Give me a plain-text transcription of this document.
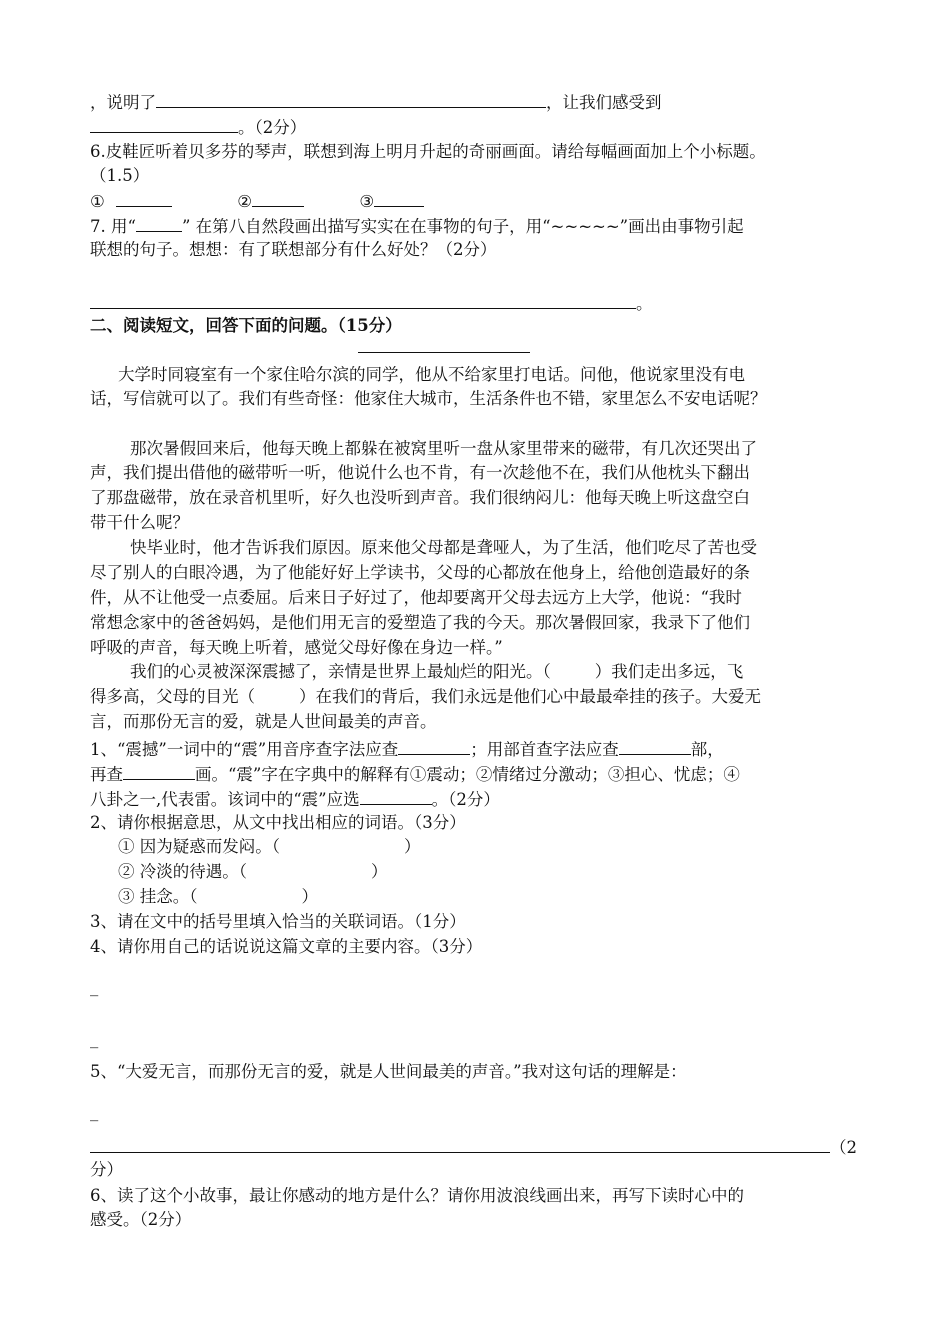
，说明了	，让我们感受到
。（2分）
6.皮鞋匠听着贝多芬的琴声，联想到海上明月升起的奇丽画面。请给每幅画面加上个小标题。
（1.5）
①	②	③
7. 用“	” 在第八自然段画出描写实实在在事物的句子，用“~~~~~”画出由事物引起
联想的句子。想想：有了联想部分有什么好处？（2分）
。
二、阅读短文，回答下面的问题。（15分）
大学时同寝室有一个家住哈尔滨的同学，他从不给家里打电话。问他，他说家里没有电
话，写信就可以了。我们有些奇怪：他家住大城市，生活条件也不错，家里怎么不安电话呢？
那次暑假回来后，他每天晚上都躲在被窝里听一盘从家里带来的磁带，有几次还哭出了
声，我们提出借他的磁带听一听，他说什么也不肯，有一次趁他不在，我们从他枕头下翻出
了那盘磁带，放在录音机里听，好久也没听到声音。我们很纳闷儿：他每天晚上听这盘空白
带干什么呢？
快毕业时，他才告诉我们原因。原来他父母都是聋哑人，为了生活，他们吃尽了苦也受
尽了别人的白眼冷遇，为了他能好好上学读书，父母的心都放在他身上，给他创造最好的条
件，从不让他受一点委屈。后来日子好过了，他却要离开父母去远方上大学，他说：“我时
常想念家中的爸爸妈妈，是他们用无言的爱塑造了我的今天。那次暑假回家，我录下了他们
呼吸的声音，每天晚上听着，感觉父母好像在身边一样。”
我们的心灵被深深震撼了，亲情是世界上最灿烂的阳光。（	）我们走出多远，飞
得多高，父母的目光（	）在我们的背后，我们永远是他们心中最最牵挂的孩子。大爱无
言，而那份无言的爱，就是人世间最美的声音。
1、“震撼”一词中的“震”用音序查字法应查	；用部首查字法应查	部，
再查	画。“震”字在字典中的解释有①震动；②情绪过分激动；③担心、忧虑；④
八卦之一,代表雷。该词中的“震”应选	。（2分）
2、请你根据意思，从文中找出相应的词语。（3分）
① 因为疑惑而发闷。（	）
② 冷淡的待遇。（	）
③ 挂念。（	）
3、请在文中的括号里填入恰当的关联词语。（1分）
4、请你用自己的话说说这篇文章的主要内容。（3分）
_
_
5、“大爱无言，而那份无言的爱，就是人世间最美的声音。”我对这句话的理解是：
_
（2
分）
6、读了这个小故事，最让你感动的地方是什么？请你用波浪线画出来，再写下读时心中的
感受。（2分）
